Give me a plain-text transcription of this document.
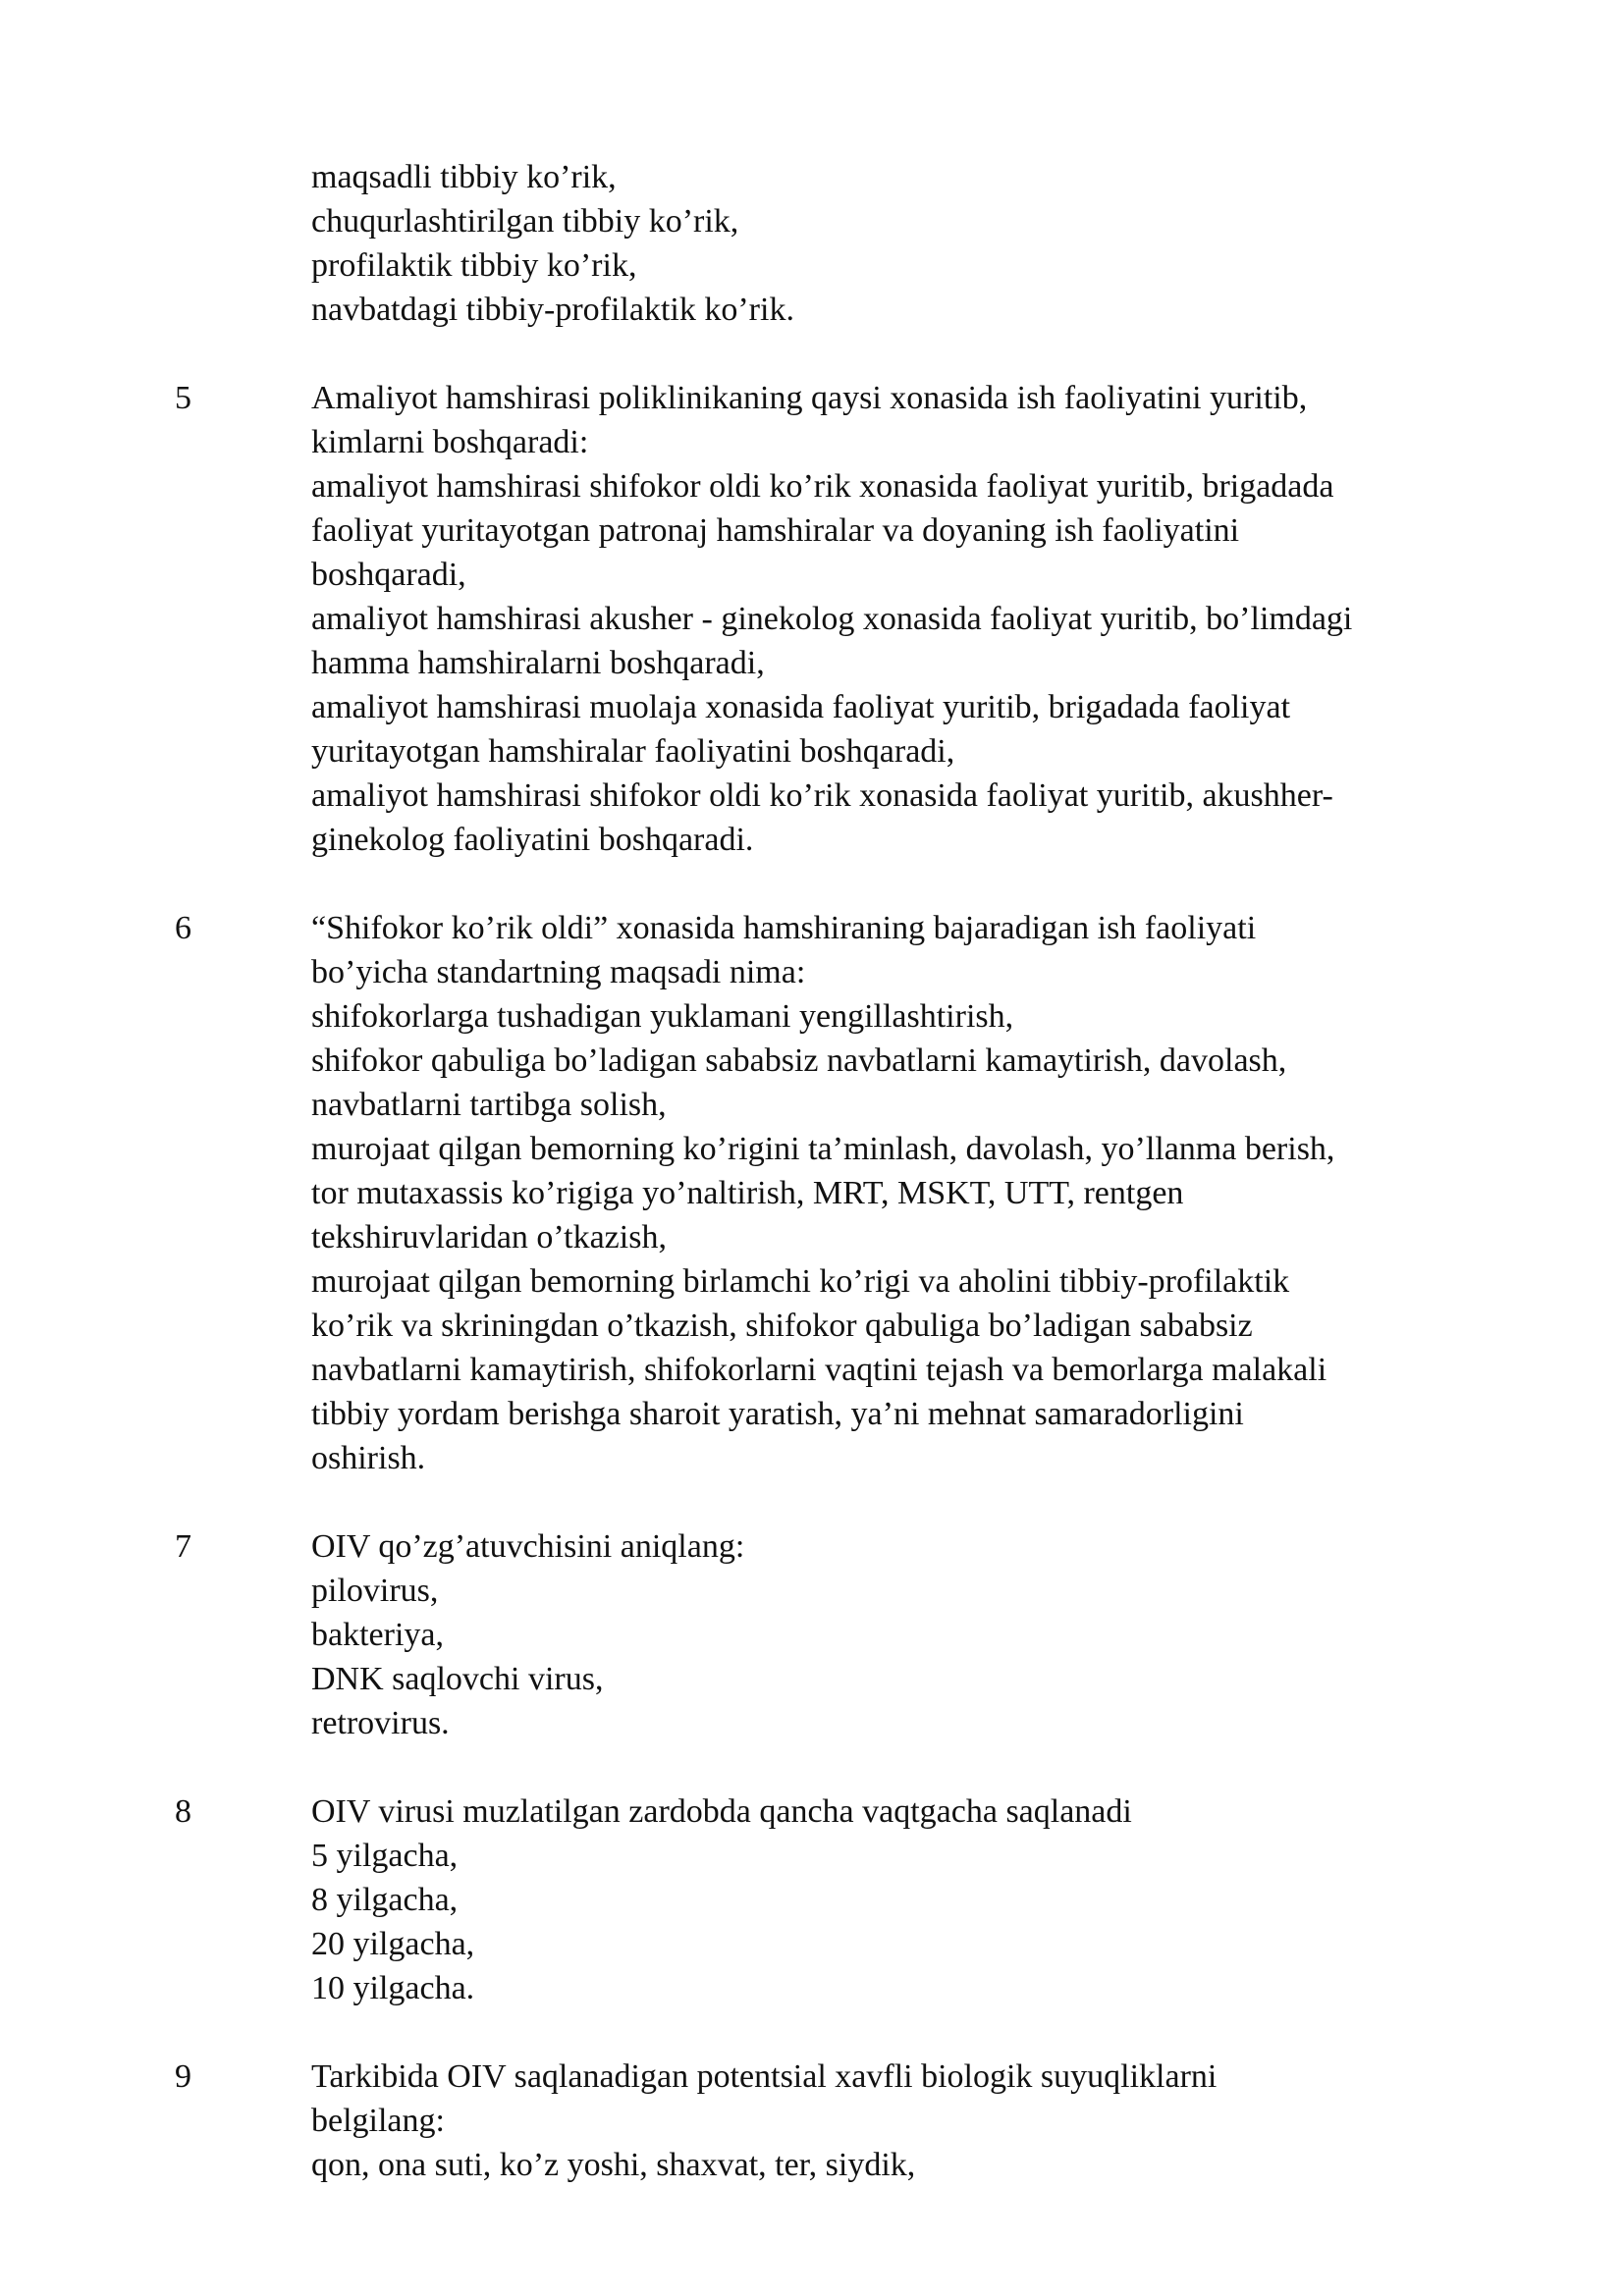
maqsadli tibbiy ko’rik,
chuqurlashtirilgan tibbiy ko’rik,
profilaktik tibbiy ko’rik,
navbatdagi tibbiy-profilaktik ko’rik.
5	Amaliyot hamshirasi poliklinikaning qaysi xonasida ish faoliyatini yuritib,
kimlarni boshqaradi:
amaliyot hamshirasi shifokor oldi ko’rik xonasida faoliyat yuritib, brigadada
faoliyat yuritayotgan patronaj hamshiralar va doyaning ish faoliyatini
boshqaradi,
amaliyot hamshirasi akusher - ginekolog xonasida faoliyat yuritib, bo’limdagi
hamma hamshiralarni boshqaradi,
amaliyot hamshirasi muolaja xonasida faoliyat yuritib, brigadada faoliyat
yuritayotgan hamshiralar faoliyatini boshqaradi,
amaliyot hamshirasi shifokor oldi ko’rik xonasida faoliyat yuritib, akushher-
ginekolog faoliyatini boshqaradi.
6	“Shifokor ko’rik oldi” xonasida hamshiraning bajaradigan ish faoliyati
bo’yicha standartning maqsadi nima:
shifokorlarga tushadigan yuklamani yengillashtirish,
shifokor qabuliga bo’ladigan sababsiz navbatlarni kamaytirish, davolash,
navbatlarni tartibga solish,
murojaat qilgan bemorning ko’rigini ta’minlash, davolash, yo’llanma berish,
tor mutaxassis ko’rigiga yo’naltirish, MRT, MSKT, UTT, rentgen
tekshiruvlaridan o’tkazish,
murojaat qilgan bemorning birlamchi ko’rigi va aholini tibbiy-profilaktik
ko’rik va skriningdan o’tkazish, shifokor qabuliga bo’ladigan sababsiz
navbatlarni kamaytirish, shifokorlarni vaqtini tejash va bemorlarga malakali
tibbiy yordam berishga sharoit yaratish, ya’ni mehnat samaradorligini
oshirish.
7	OIV qo’zg’atuvchisini aniqlang:
pilovirus,
bakteriya,
DNK saqlovchi virus,
retrovirus.
8	OIV virusi muzlatilgan zardobda qancha vaqtgacha saqlanadi
5 yilgacha,
8 yilgacha,
20 yilgacha,
10 yilgacha.
9	Tarkibida OIV saqlanadigan potentsial xavfli biologik suyuqliklarni
belgilang:
qon, ona suti, ko’z yoshi, shaxvat, ter, siydik,
